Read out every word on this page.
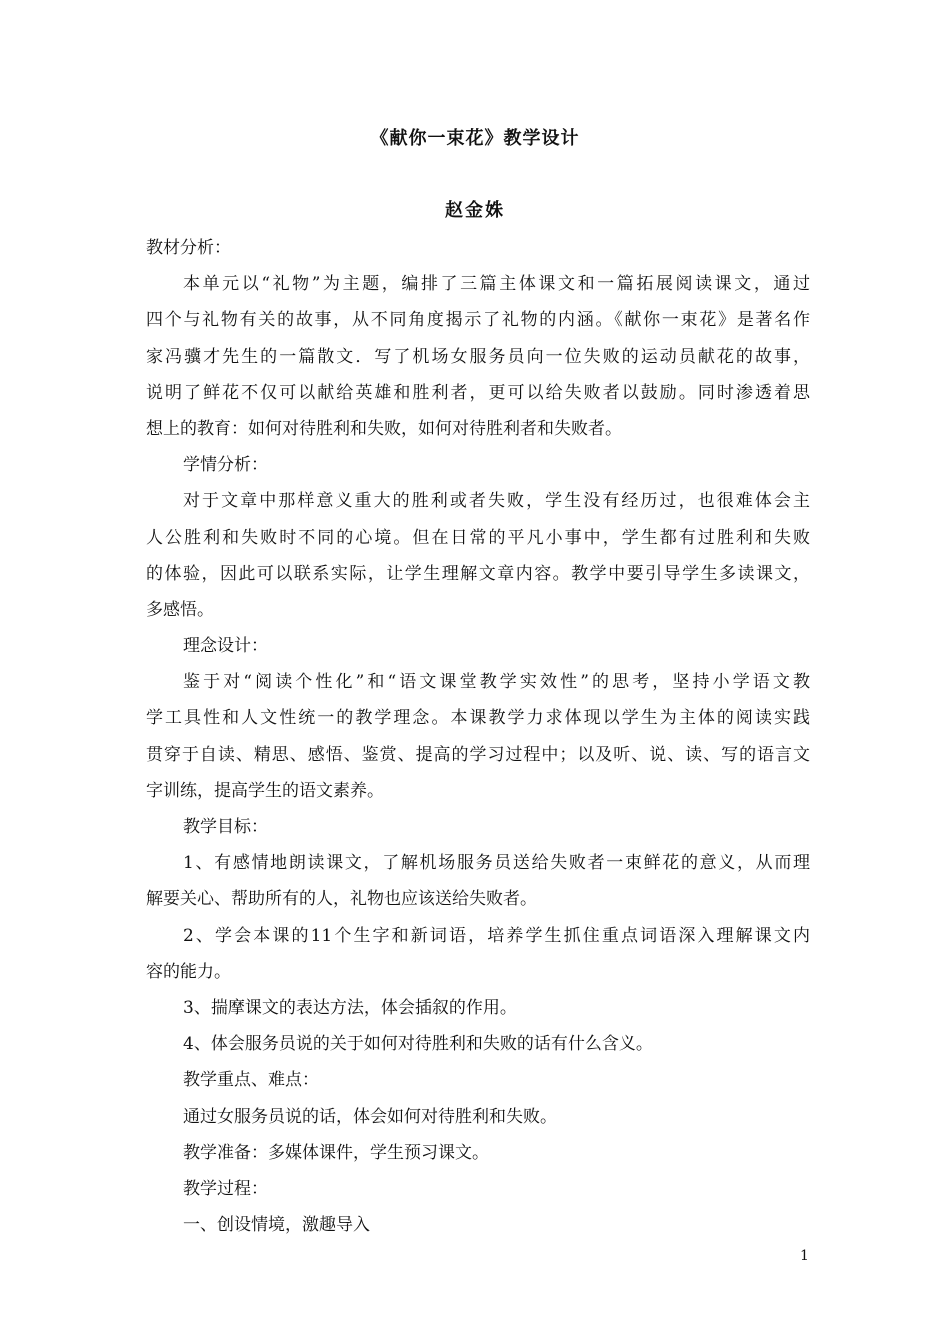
《献你一束花》教学设计
赵金姝
教材分析：
本单元以“礼物”为主题，编排了三篇主体课文和一篇拓展阅读课文，通过
四个与礼物有关的故事，从不同角度揭示了礼物的内涵。《献你一束花》是著名作
家冯骥才先生的一篇散文．写了机场女服务员向一位失败的运动员献花的故事，
说明了鲜花不仅可以献给英雄和胜利者，更可以给失败者以鼓励。同时渗透着思
想上的教育：如何对待胜利和失败，如何对待胜利者和失败者。
学情分析：
对于文章中那样意义重大的胜利或者失败，学生没有经历过，也很难体会主
人公胜利和失败时不同的心境。但在日常的平凡小事中，学生都有过胜利和失败
的体验，因此可以联系实际，让学生理解文章内容。教学中要引导学生多读课文，
多感悟。
理念设计：
鉴于对“阅读个性化”和“语文课堂教学实效性”的思考，坚持小学语文教
学工具性和人文性统一的教学理念。本课教学力求体现以学生为主体的阅读实践
贯穿于自读、精思、感悟、鉴赏、提高的学习过程中；以及听、说、读、写的语言文
字训练，提高学生的语文素养。
教学目标：
1、有感情地朗读课文，了解机场服务员送给失败者一束鲜花的意义，从而理
解要关心、帮助所有的人，礼物也应该送给失败者。
2、学会本课的11个生字和新词语，培养学生抓住重点词语深入理解课文内
容的能力。
3、揣摩课文的表达方法，体会插叙的作用。
4、体会服务员说的关于如何对待胜利和失败的话有什么含义。
教学重点、难点：
通过女服务员说的话，体会如何对待胜利和失败。
教学准备：多媒体课件，学生预习课文。
教学过程：
一、创设情境，激趣导入
1
